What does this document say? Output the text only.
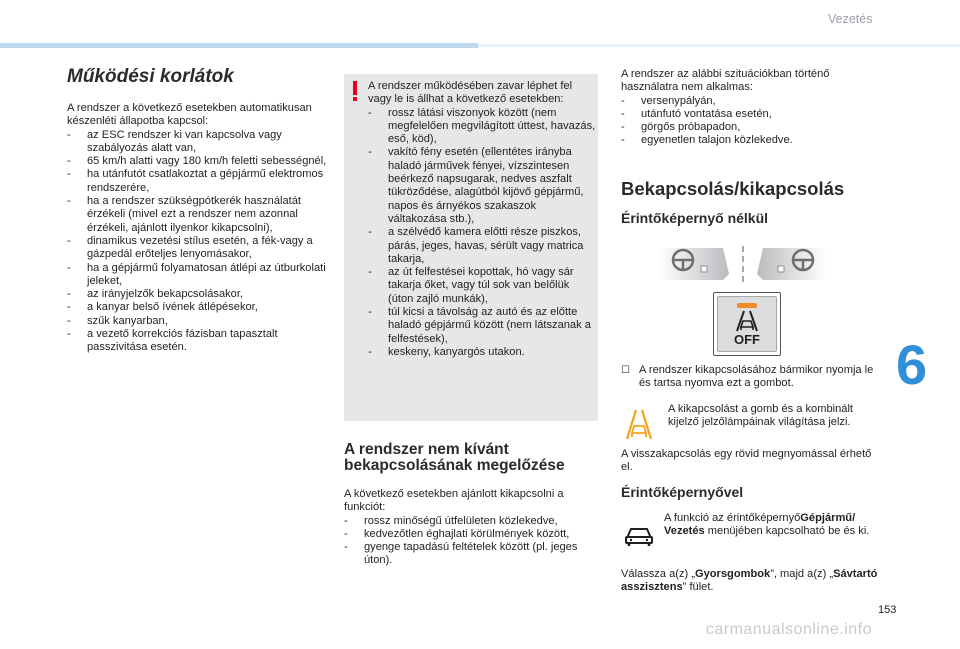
Vezetés
6
153
carmanualsonline.info
Működési korlátok

A rendszer a következő esetekben automatikusan készenléti állapotba kapcsol:

- az ESC rendszer ki van kapcsolva vagy szabályozás alatt van,
- 65 km/h alatti vagy 180 km/h feletti sebességnél,
- ha utánfutót csatlakoztat a gépjármű elektromos rendszerére,
- ha a rendszer szükségpótkerék használatát érzékeli (mivel ezt a rendszer nem azonnal érzékeli, ajánlott ilyenkor kikapcsolni),
- dinamikus vezetési stílus esetén, a fék-vagy a gázpedál erőteljes lenyomásakor,
- ha a gépjármű folyamatosan átlépi az útburkolati jeleket,
- az irányjelzők bekapcsolásakor,
- a kanyar belső ívének átlépésekor,
- szűk kanyarban,
- a vezető korrekciós fázisban tapasztalt passzivitása esetén.

A rendszer működésében zavar léphet fel vagy le is állhat a következő esetekben:

- rossz látási viszonyok között (nem megfelelően megvilágított úttest, havazás, eső, köd),
- vakító fény esetén (ellentétes irányba haladó járművek fényei, vízszintesen beérkező napsugarak, nedves aszfalt tükröződése, alagútból kijövő gépjármű, napos és árnyékos szakaszok váltakozása stb.),
- a szélvédő kamera előtti része piszkos, párás, jeges, havas, sérült vagy matrica takarja,
- az út felfestései kopottak, hó vagy sár takarja őket, vagy túl sok van belőlük (úton zajló munkák),
- túl kicsi a távolság az autó és az előtte haladó gépjármű között (nem látszanak a felfestések),
- keskeny, kanyargós utakon.
A rendszer nem kívánt bekapcsolásának megelőzése

A következő esetekben ajánlott kikapcsolni a funkciót:

- rossz minőségű útfelületen közlekedve,
- kedvezőtlen éghajlati körülmények között,
- gyenge tapadású feltételek között (pl. jeges úton).

A rendszer az alábbi szituációkban történő használatra nem alkalmas:

- versenypályán,
- utánfutó vontatása esetén,
- görgős próbapadon,
- egyenetlen talajon közlekedve.
Bekapcsolás/kikapcsolás
Érintőképernyő nélkül
OFF
☐ A rendszer kikapcsolásához bármikor nyomja le és tartsa nyomva ezt a gombot.

A kikapcsolást a gomb és a kombinált kijelző jelzőlámpáinak világítása jelzi.

A visszakapcsolás egy rövid megnyomással érhető el.

Érintőképernyővel

A funkció az érintőképernyőGépjármű/ Vezetés menüjében kapcsolható be és ki.

Válassza a(z) „Gyorsgombok”, majd a(z) „Sávtartó asszisztens” fület.
